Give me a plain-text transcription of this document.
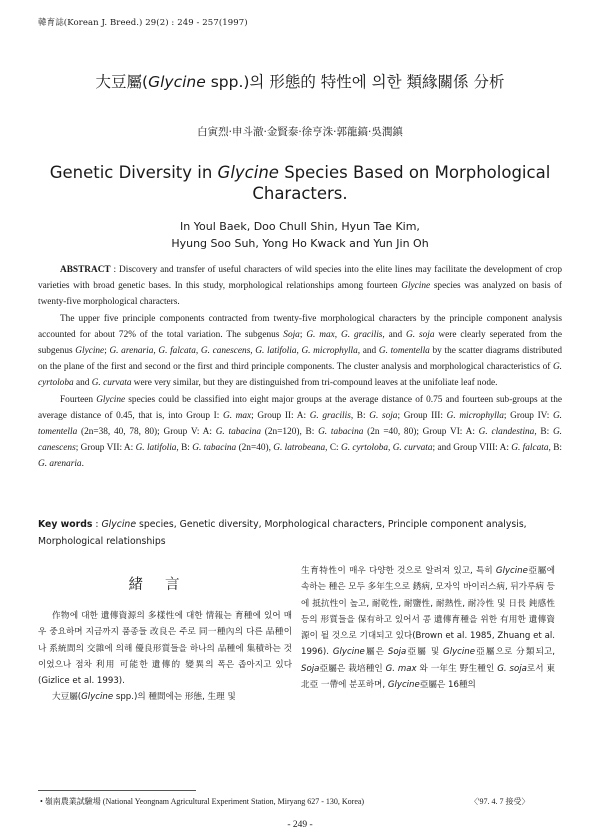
韓育誌(Korean J. Breed.) 29(2) : 249 - 257(1997)
大豆屬(Glycine spp.)의 形態的 特性에 의한 類緣關係 分析
白寅烈·申斗澈·金賢泰·徐亨洙·郭龍鎬·吳潤鎮
Genetic Diversity in Glycine Species Based on Morphological Characters.
In Youl Baek, Doo Chull Shin, Hyun Tae Kim,
Hyung Soo Suh, Yong Ho Kwack and Yun Jin Oh

ABSTRACT : Discovery and transfer of useful characters of wild species into the elite lines may facilitate the development of crop varieties with broad genetic bases. In this study, morphological relationships among fourteen Glycine species was analyzed on basis of twenty-five morphological characters.

The upper five principle components contracted from twenty-five morphological characters by the principle component analysis accounted for about 72% of the total variation. The subgenus Soja; G. max, G. gracilis, and G. soja were clearly seperated from the subgenus Glycine; G. arenaria, G. falcata, G. canescens, G. latifolia, G. microphylla, and G. tomentella by the scatter diagrams distributed on the plane of the first and second or the first and third principle components. The cluster analysis and morphological characteristics of G. cyrtoloba and G. curvata were very similar, but they are distinguished from tri-compound leaves at the unifoliate leaf node.

Fourteen Glycine species could be classified into eight major groups at the average distance of 0.75 and fourteen sub-groups at the average distance of 0.45, that is, into Group I: G. max; Group II: A: G. gracilis, B: G. soja; Group III: G. microphylla; Group IV: G. tomentella (2n=38, 40, 78, 80); Group V: A: G. tabacina (2n=120), B: G. tabacina (2n =40, 80); Group VI: A: G. clandestina, B: G. canescens; Group VII: A: G. latifolia, B: G. tabacina (2n=40), G. latrobeana, C: G. cyrtoloba, G. curvata; and Group VIII: A: G. falcata, B: G. arenaria.

Key words : Glycine species, Genetic diversity, Morphological characters, Principle component analysis, Morphological relationships
緒言

作物에 대한 遺傳資源의 多樣性에 대한 情報는 育種에 있어 매우 중요하며 지금까지 품종들 改良은 주로 同一種內의 다른 品種이나 系統間의 交雜에 의해 優良形質들을 하나의 品種에 集積하는 것이었으나 점차 利用 可能한 遺傳的 變異의 폭은 좁아지고 있다(Gizlice et al. 1993).

大豆屬(Glycine spp.)의 種間에는 形態, 生理 및

生育特性이 매우 다양한 것으로 알려져 있고, 특히 Glycine亞屬에 속하는 種은 모두 多年生으로 銹病, 모자익 바이러스病, 뒤가루病 등에 抵抗性이 높고, 耐乾性, 耐鹽性, 耐熱性, 耐冷性 및 日長 鈍感性 등의 形質들을 保有하고 있어서 콩 遺傳育種을 위한 有用한 遺傳資源이 될 것으로 기대되고 있다(Brown et al. 1985, Zhuang et al. 1996). Glycine屬은 Soja亞屬 및 Glycine亞屬으로 分類되고, Soja亞屬은 栽培種인 G. max 와 一年生 野生種인 G. soja로서 東北亞 一帶에 분포하며, Glycine亞屬은 16種의

• 嶺南農業試驗場 (National Yeongnam Agricultural Experiment Station, Miryang 627 - 130, Korea)	〈'97. 4. 7 接受〉
- 249 -
